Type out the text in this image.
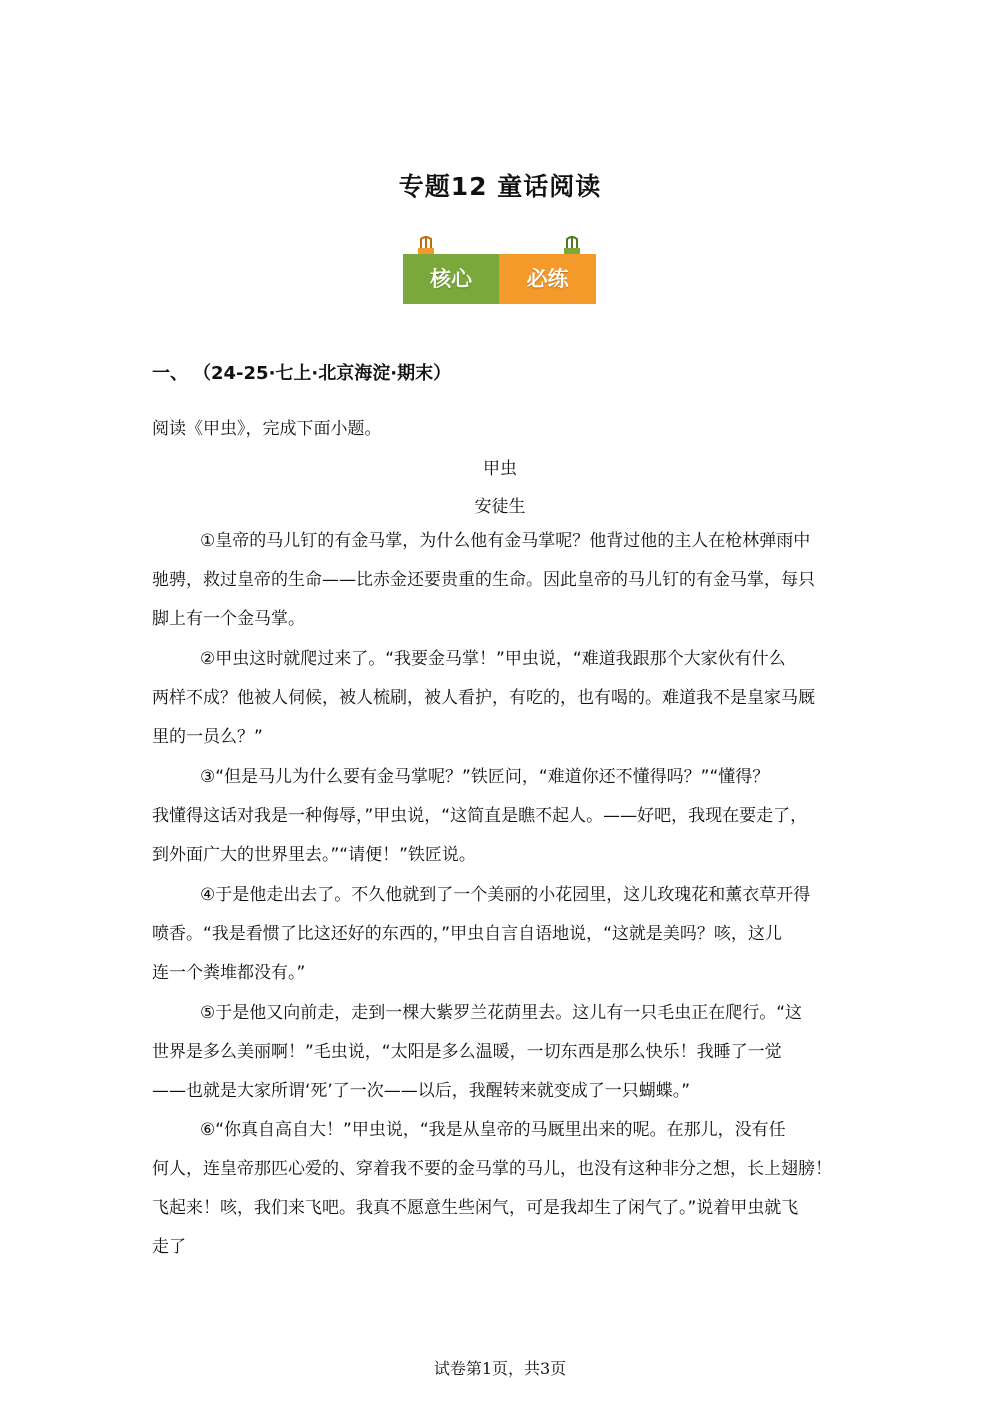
专题12 童话阅读
核心	必练
一、 （24-25·七上·北京海淀·期末）
阅读《甲虫》，完成下面小题。
甲虫
安徒生
①皇帝的马儿钉的有金马掌，为什么他有金马掌呢？他背过他的主人在枪林弹雨中
驰骋，救过皇帝的生命——比赤金还要贵重的生命。因此皇帝的马儿钉的有金马掌，每只
脚上有一个金马掌。
②甲虫这时就爬过来了。“我要金马掌！”甲虫说，“难道我跟那个大家伙有什么
两样不成？他被人伺候，被人梳刷，被人看护，有吃的，也有喝的。难道我不是皇家马厩
里的一员么？”
③“但是马儿为什么要有金马掌呢？”铁匠问，“难道你还不懂得吗？”“懂得？
我懂得这话对我是一种侮辱，”甲虫说，“这简直是瞧不起人。——好吧，我现在要走了，
到外面广大的世界里去。”“请便！”铁匠说。
④于是他走出去了。不久他就到了一个美丽的小花园里，这儿玫瑰花和薰衣草开得
喷香。“我是看惯了比这还好的东西的，”甲虫自言自语地说，“这就是美吗？咳，这儿
连一个粪堆都没有。”
⑤于是他又向前走，走到一棵大紫罗兰花荫里去。这儿有一只毛虫正在爬行。“这
世界是多么美丽啊！”毛虫说，“太阳是多么温暖，一切东西是那么快乐！我睡了一觉
——也就是大家所谓‘死’了一次——以后，我醒转来就变成了一只蝴蝶。”
⑥“你真自高自大！”甲虫说，“我是从皇帝的马厩里出来的呢。在那儿，没有任
何人，连皇帝那匹心爱的、穿着我不要的金马掌的马儿，也没有这种非分之想，长上翅膀！
飞起来！咳，我们来飞吧。我真不愿意生些闲气，可是我却生了闲气了。”说着甲虫就飞
走了
试卷第1页，共3页
